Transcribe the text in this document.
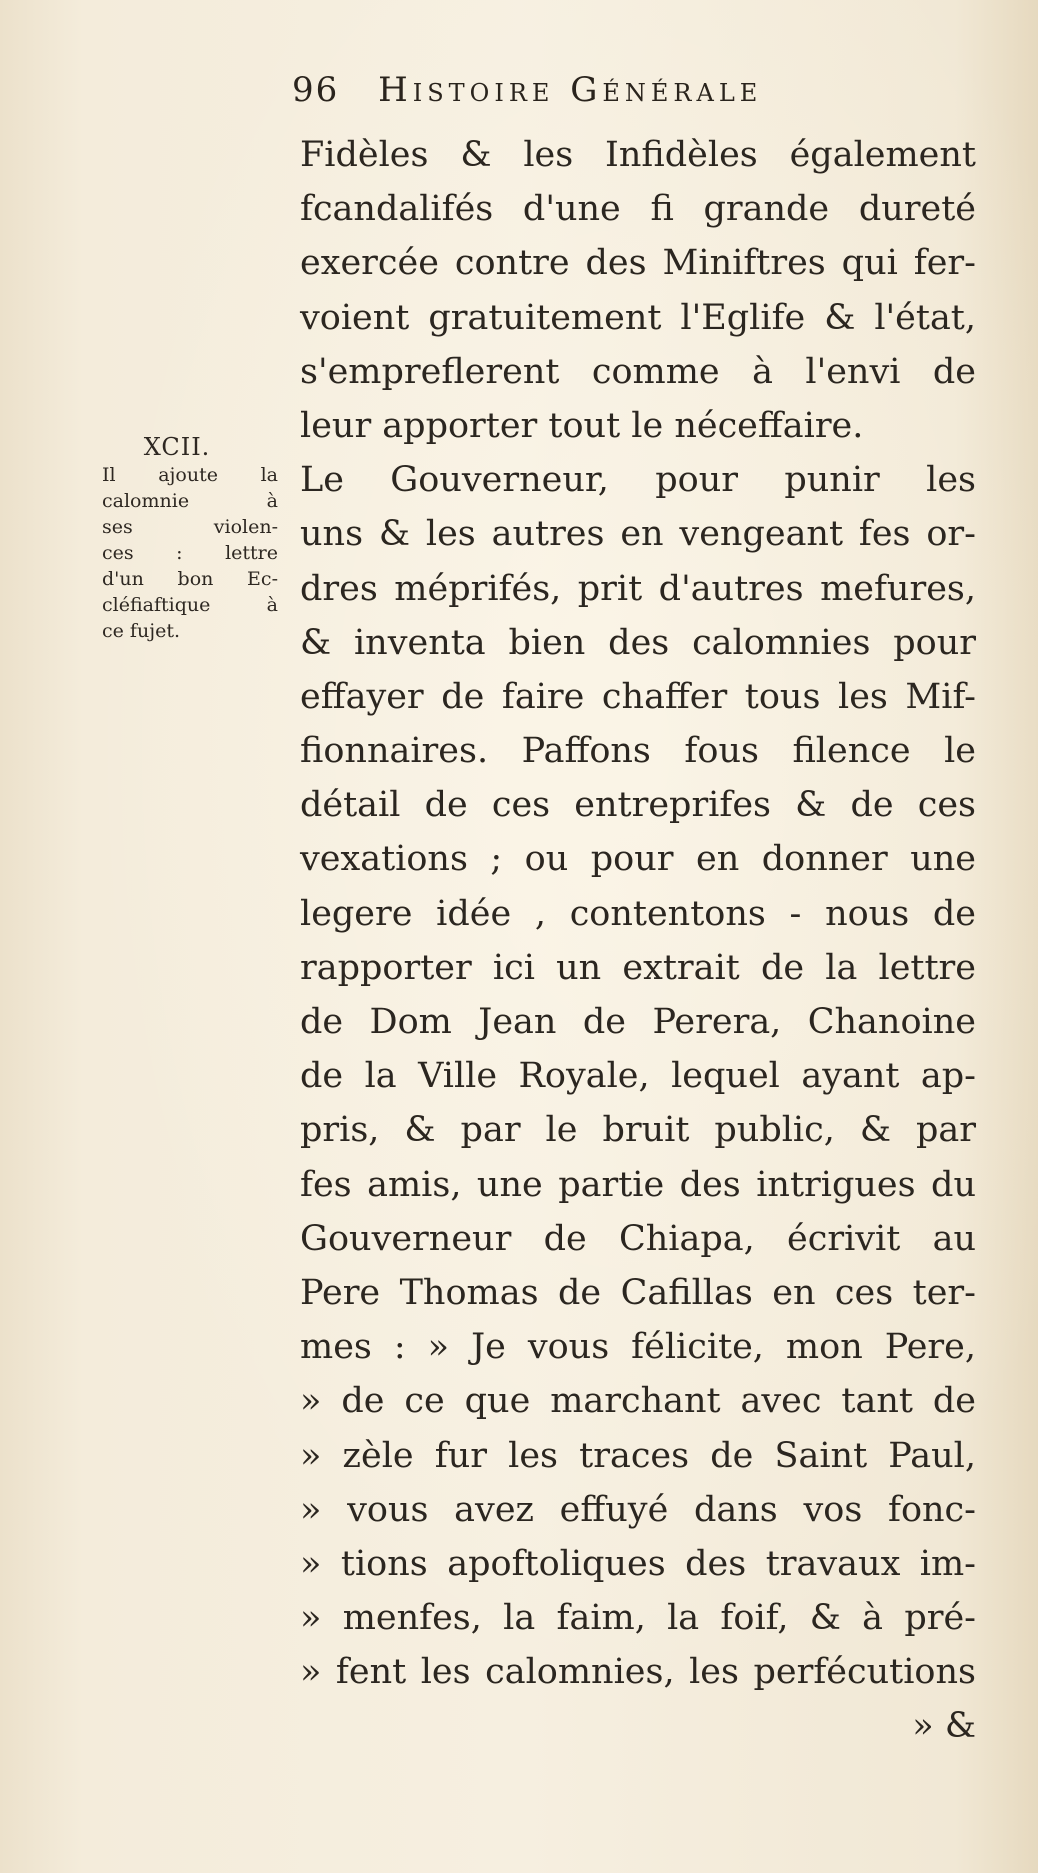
96 Histoire Générale
XCII.
Il ajoute la
calomnie à
ses violen-
ces : lettre
d'un bon Ec-
cléfiaftique à
ce fujet.
Fidèles & les Infidèles également
fcandalifés d'une fi grande dureté
exercée contre des Miniftres qui fer-
voient gratuitement l'Eglife & l'état,
s'empreflerent comme à l'envi de
leur apporter tout le néceffaire.
Le Gouverneur, pour punir les
uns & les autres en vengeant fes or-
dres méprifés, prit d'autres mefures,
& inventa bien des calomnies pour
effayer de faire chaffer tous les Mif-
fionnaires. Paffons fous filence le
détail de ces entreprifes & de ces
vexations ; ou pour en donner une
legere idée , contentons - nous de
rapporter ici un extrait de la lettre
de Dom Jean de Perera, Chanoine
de la Ville Royale, lequel ayant ap-
pris, & par le bruit public, & par
fes amis, une partie des intrigues du
Gouverneur de Chiapa, écrivit au
Pere Thomas de Cafillas en ces ter-
mes : » Je vous félicite, mon Pere,
» de ce que marchant avec tant de
» zèle fur les traces de Saint Paul,
» vous avez effuyé dans vos fonc-
» tions apoftoliques des travaux im-
» menfes, la faim, la foif, & à pré-
» fent les calomnies, les perfécutions
» &
